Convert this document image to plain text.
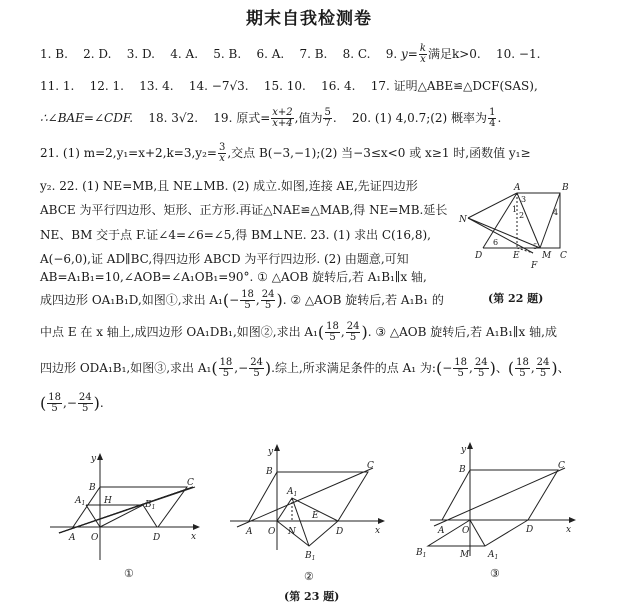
期末自我检测卷
1. B. 2. D. 3. D. 4. A. 5. B. 6. A. 7. B. 8. C. 9. $y= \frac{k}{x}$ 满足k>0. 10. −1.
11. 1. 12. 1. 13. 4. 14. −7√3. 15. 10. 16. 4. 17. 证明△ABE≌△DCF(SAS),
∴∠BAE=∠CDF. 18. 3√2. 19. 原式= $\frac{x+2}{x+4}$ ,值为 $\frac{5}{7}$ . 20. (1) 4,0.7;(2) 概率为 $\frac{1}{4}$ .
21. (1) $m=2,y_1=x+2,k=3,y_2= \frac{3}{x}$ ,交点 B(−3,−1);(2) 当−3≤x<0 或 x≥1 时,函数值 y₁≥
y₂. 22. (1) NE=MB,且 NE⊥MB. (2) 成立.如图,连接 AE,先证四边形
ABCE 为平行四边形、矩形、正方形.再证△NAE≌△MAB,得 NE=MB.延长
NE、BM 交于点 F.证∠4=∠6=∠5,得 BM⊥NE. 23. (1) 求出 C(16,8),
A(−6,0),证 AD∥BC,得四边形 ABCD 为平行四边形. (2) 由题意,可知
AB=A₁B₁=10,∠AOB=∠A₁OB₁=90°. ① △AOB 旋转后,若 A₁B₁∥x 轴,
成四边形 OA₁B₁D,如图①,求出 $A_1(- \frac{18}{5}$ , $\frac{24}{5}$ ). ② △AOB 旋转后,若 A₁B₁ 的
中点 E 在 x 轴上,成四边形 OA₁DB₁,如图②,求出 $A_1( \frac{18}{5}$ , $\frac{24}{5}$ ). ③ △AOB 旋转后,若 A₁B₁∥x 轴,成
四边形 ODA₁B₁,如图③,求出 $A_1( \frac{18}{5}$ ,− $\frac{24}{5}$ ).综上,所求满足条件的点 A₁ 为:(− $\frac{18}{5}$ , $\frac{24}{5}$ )、( $\frac{18}{5}$ , $\frac{24}{5}$ )、
( $\frac{18}{5}$ ,− $\frac{24}{5}$ ).
A	B
C
D	E
F
M
N
1
2
3
4
5
6
(第 22 题)
y
x
A
B	C
D
O
H
$A_1$	$B_1$
①
y
x
A
B
C
D
O N
E
$A_1$
$B_1$
②
(第 23 题)
y
x
A
B	C
D
O
M $A_1$
$B_1$
③
